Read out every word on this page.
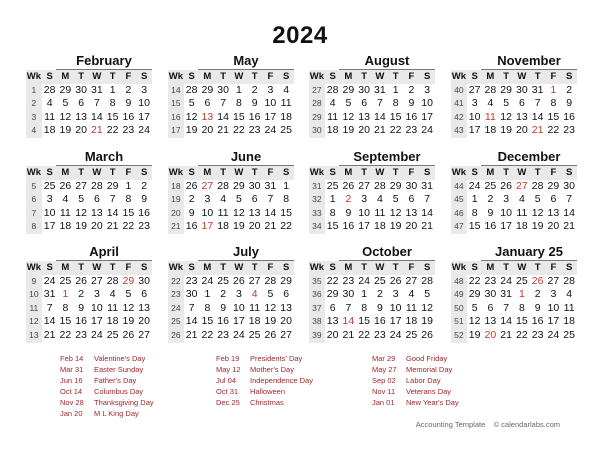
2024
February
Wk S M T W T	F	S
1 28 29 30 31 1 2 3
2 4 5 6 7 8 9 10
3 11 12 13 14 15 16 17
4 18 19 20 21 22 23 24
May
Wk S M T W T	F	S
14 28 29 30 1 2 3 4
15 5 6 7 8 9 10 11
16 12 13 14 15 16 17 18
17 19 20 21 22 23 24 25
August
Wk S M T W T	F	S
27 28 29 30 31 1 2 3
28 4 5 6 7 8 9 10
29 11 12 13 14 15 16 17
30 18 19 20 21 22 23 24
November
Wk S M T W T	F	S
40 27 28 29 30 31 1 2
41 3 4 5 6 7 8 9
42 10 11 12 13 14 15 16
43 17 18 19 20 21 22 23
March
Wk S M T W T	F	S
5 25 26 27 28 29 1 2
6 3 4 5 6 7 8 9
7 10 11 12 13 14 15 16
8 17 18 19 20 21 22 23
June
Wk S M T W T	F	S
18 26 27 28 29 30 31 1
19 2 3 4 5 6 7 8
20 9 10 11 12 13 14 15
21 16 17 18 19 20 21 22
September
Wk S M T W T	F	S
31 25 26 27 28 29 30 31
32 1 2 3 4 5 6 7
33 8 9 10 11 12 13 14
34 15 16 17 18 19 20 21
December
Wk S M T W T	F	S
44 24 25 26 27 28 29 30
45 1 2 3 4 5 6 7
46 8 9 10 11 12 13 14
47 15 16 17 18 19 20 21
April
Wk S M T W T	F	S
9 24 25 26 27 28 29 30
10 31 1 2 3 4 5 6
11 7 8 9 10 11 12 13
12 14 15 16 17 18 19 20
13 21 22 23 24 25 26 27
July
Wk S M T W T	F	S
22 23 24 25 26 27 28 29
23 30 1 2 3 4 5 6
24 7 8 9 10 11 12 13
25 14 15 16 17 18 19 20
26 21 22 23 24 25 26 27
October
Wk S M T W T	F	S
35 22 23 24 25 26 27 28
36 29 30 1 2 3 4 5
37 6 7 8 9 10 11 12
38 13 14 15 16 17 18 19
39 20 21 22 23 24 25 26
January 25
Wk S M T W T	F	S
48 22 23 24 25 26 27 28
49 29 30 31 1 2 3 4
50 5 6 7 8 9 10 11
51 12 13 14 15 16 17 18
52 19 20 21 22 23 24 25
Feb 14	Valentine's Day
Mar 31	Easter Sunday
Jun 16	Father's Day
Oct 14	Columbus Day
Nov 28	Thanksgiving Day
Jan 20	M L King Day
Feb 19	Presidents' Day
May 12	Mother's Day
Jul 04	Independence Day
Oct 31	Halloween
Dec 25	Christmas
Mar 29	Good Friday
May 27	Memorial Day
Sep 02	Labor Day
Nov 11	Veterans Day
Jan 01	New Year's Day
Accounting Template © calendarlabs.com
